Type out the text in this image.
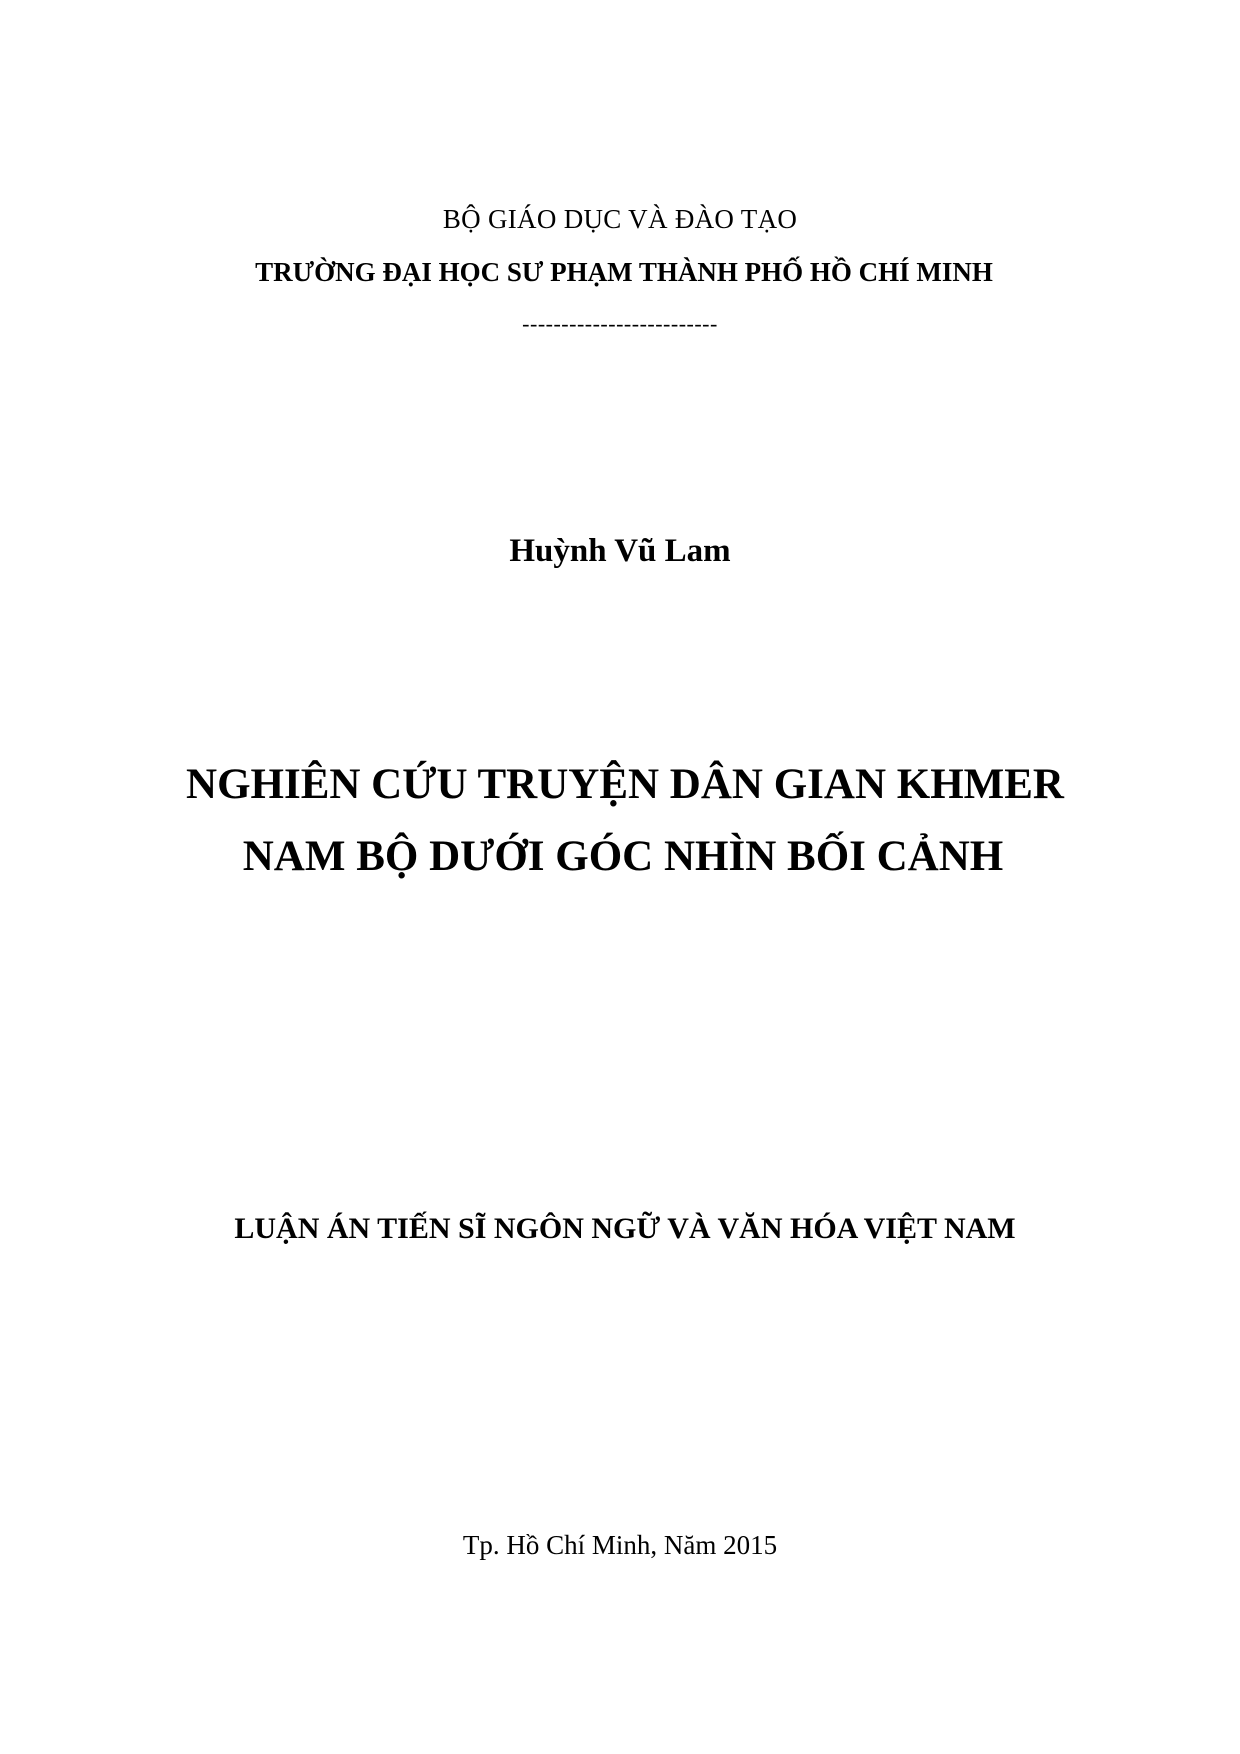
BỘ GIÁO DỤC VÀ ĐÀO TẠO
TRƯỜNG ĐẠI HỌC SƯ PHẠM THÀNH PHỐ HỒ CHÍ MINH
-------------------------
Huỳnh Vũ Lam
NGHIÊN CỨU TRUYỆN DÂN GIAN KHMER
NAM BỘ DƯỚI GÓC NHÌN BỐI CẢNH
LUẬN ÁN TIẾN SĨ NGÔN NGỮ VÀ VĂN HÓA VIỆT NAM
Tp. Hồ Chí Minh, Năm 2015
